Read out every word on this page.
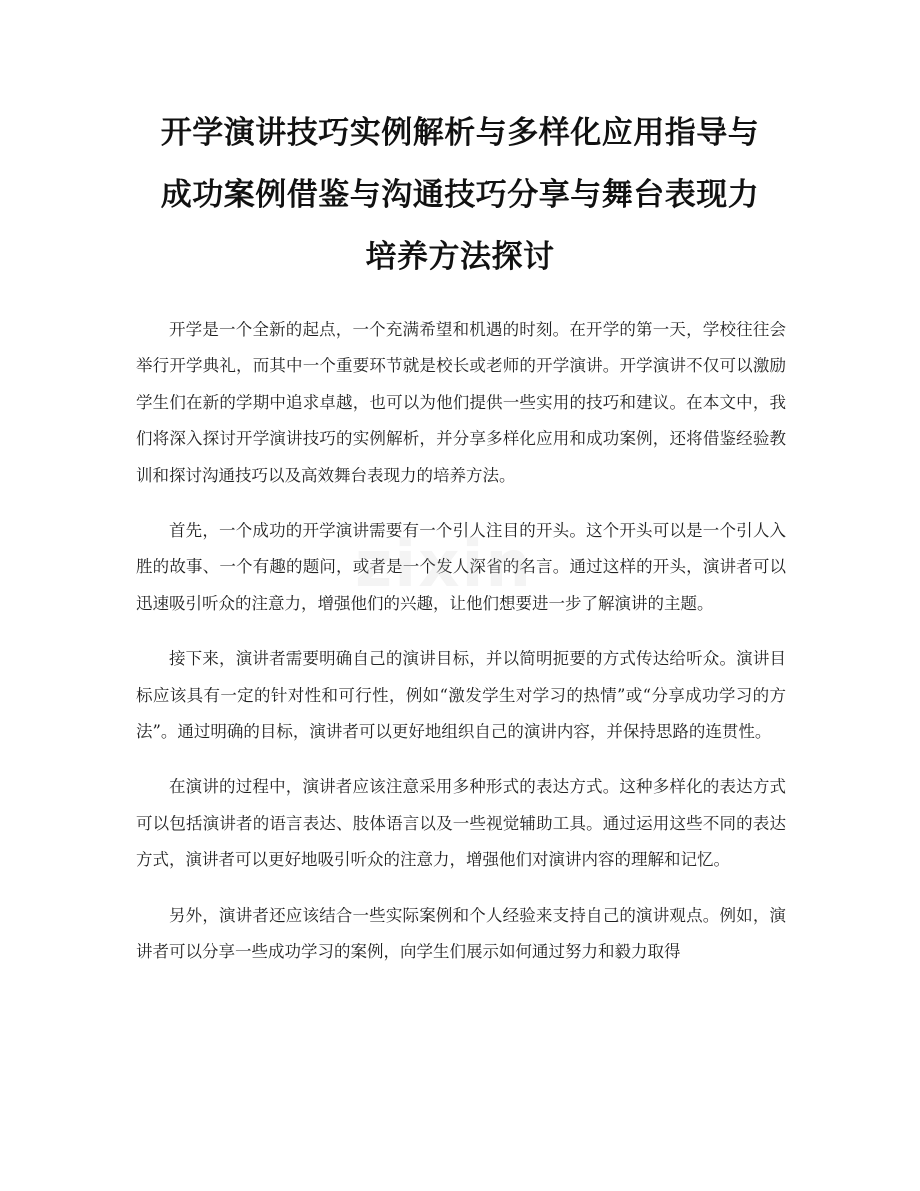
开学演讲技巧实例解析与多样化应用指导与
成功案例借鉴与沟通技巧分享与舞台表现力
培养方法探讨

开学是一个全新的起点，一个充满希望和机遇的时刻。在开学的第一天，学校往往会举行开学典礼，而其中一个重要环节就是校长或老师的开学演讲。开学演讲不仅可以激励学生们在新的学期中追求卓越，也可以为他们提供一些实用的技巧和建议。在本文中，我们将深入探讨开学演讲技巧的实例解析，并分享多样化应用和成功案例，还将借鉴经验教训和探讨沟通技巧以及高效舞台表现力的培养方法。

首先，一个成功的开学演讲需要有一个引人注目的开头。这个开头可以是一个引人入胜的故事、一个有趣的题问，或者是一个发人深省的名言。通过这样的开头，演讲者可以迅速吸引听众的注意力，增强他们的兴趣，让他们想要进一步了解演讲的主题。

接下来，演讲者需要明确自己的演讲目标，并以简明扼要的方式传达给听众。演讲目标应该具有一定的针对性和可行性，例如“激发学生对学习的热情”或“分享成功学习的方法”。通过明确的目标，演讲者可以更好地组织自己的演讲内容，并保持思路的连贯性。

在演讲的过程中，演讲者应该注意采用多种形式的表达方式。这种多样化的表达方式可以包括演讲者的语言表达、肢体语言以及一些视觉辅助工具。通过运用这些不同的表达方式，演讲者可以更好地吸引听众的注意力，增强他们对演讲内容的理解和记忆。

另外，演讲者还应该结合一些实际案例和个人经验来支持自己的演讲观点。例如，演讲者可以分享一些成功学习的案例，向学生们展示如何通过努力和毅力取得

zixin
